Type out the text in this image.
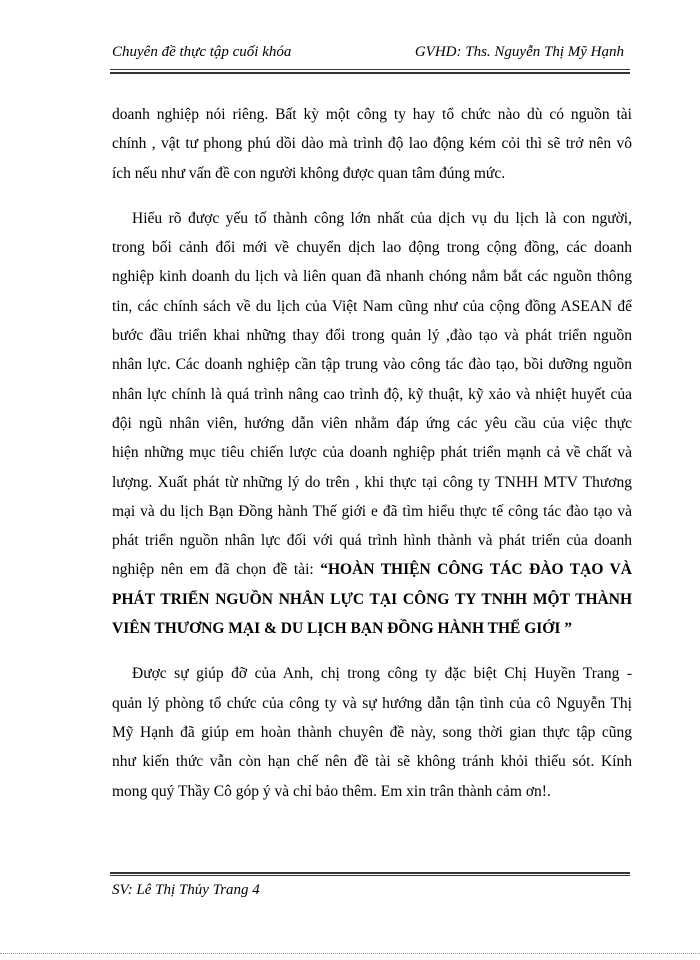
Chuyên đề thực tập cuối khóa	GVHD: Ths. Nguyễn Thị Mỹ Hạnh
doanh nghiệp nói riêng. Bất kỳ một công ty hay tổ chức nào dù có nguồn tài
chính , vật tư phong phú dồi dào mà trình độ lao động kém cỏi thì sẽ trở nên vô
ích nếu như vấn đề con người không được quan tâm đúng mức.
Hiểu rõ được yếu tố thành công lớn nhất của dịch vụ du lịch là con người,
trong bối cảnh đổi mới về chuyển dịch lao động trong cộng đồng, các doanh
nghiệp kinh doanh du lịch và liên quan đã nhanh chóng nắm bắt các nguồn thông
tin, các chính sách về du lịch của Việt Nam cũng như của cộng đồng ASEAN để
bước đầu triển khai những thay đổi trong quản lý ,đào tạo và phát triển nguồn
nhân lực. Các doanh nghiệp cần tập trung vào công tác đào tạo, bồi dưỡng nguồn
nhân lực chính là quá trình nâng cao trình độ, kỹ thuật, kỹ xảo và nhiệt huyết của
đội ngũ nhân viên, hướng dẫn viên nhằm đáp ứng các yêu cầu của việc thực
hiện những mục tiêu chiến lược của doanh nghiệp phát triển mạnh cả về chất và
lượng. Xuất phát từ những lý do trên , khi thực tại công ty TNHH MTV Thương
mại và du lịch Bạn Đồng hành Thế giới e đã tìm hiểu thực tế công tác đào tạo và
phát triển nguồn nhân lực đối với quá trình hình thành và phát triển của doanh
nghiệp nên em đã chọn đề tài: “HOÀN THIỆN CÔNG TÁC ĐÀO TẠO VÀ
PHÁT TRIỂN NGUỒN NHÂN LỰC TẠI CÔNG TY TNHH MỘT THÀNH
VIÊN THƯƠNG MẠI & DU LỊCH BẠN ĐỒNG HÀNH THẾ GIỚI ”
Được sự giúp đỡ của Anh, chị trong công ty đặc biệt Chị Huyền Trang -
quản lý phòng tổ chức của công ty và sự hướng dẫn tận tình của cô Nguyễn Thị
Mỹ Hạnh đã giúp em hoàn thành chuyên đề này, song thời gian thực tập cũng
như kiến thức vẫn còn hạn chế nên đề tài sẽ không tránh khỏi thiếu sót. Kính
mong quý Thầy Cô góp ý và chỉ bảo thêm. Em xin trân thành cảm ơn!.
SV: Lê Thị Thủy Trang 4
